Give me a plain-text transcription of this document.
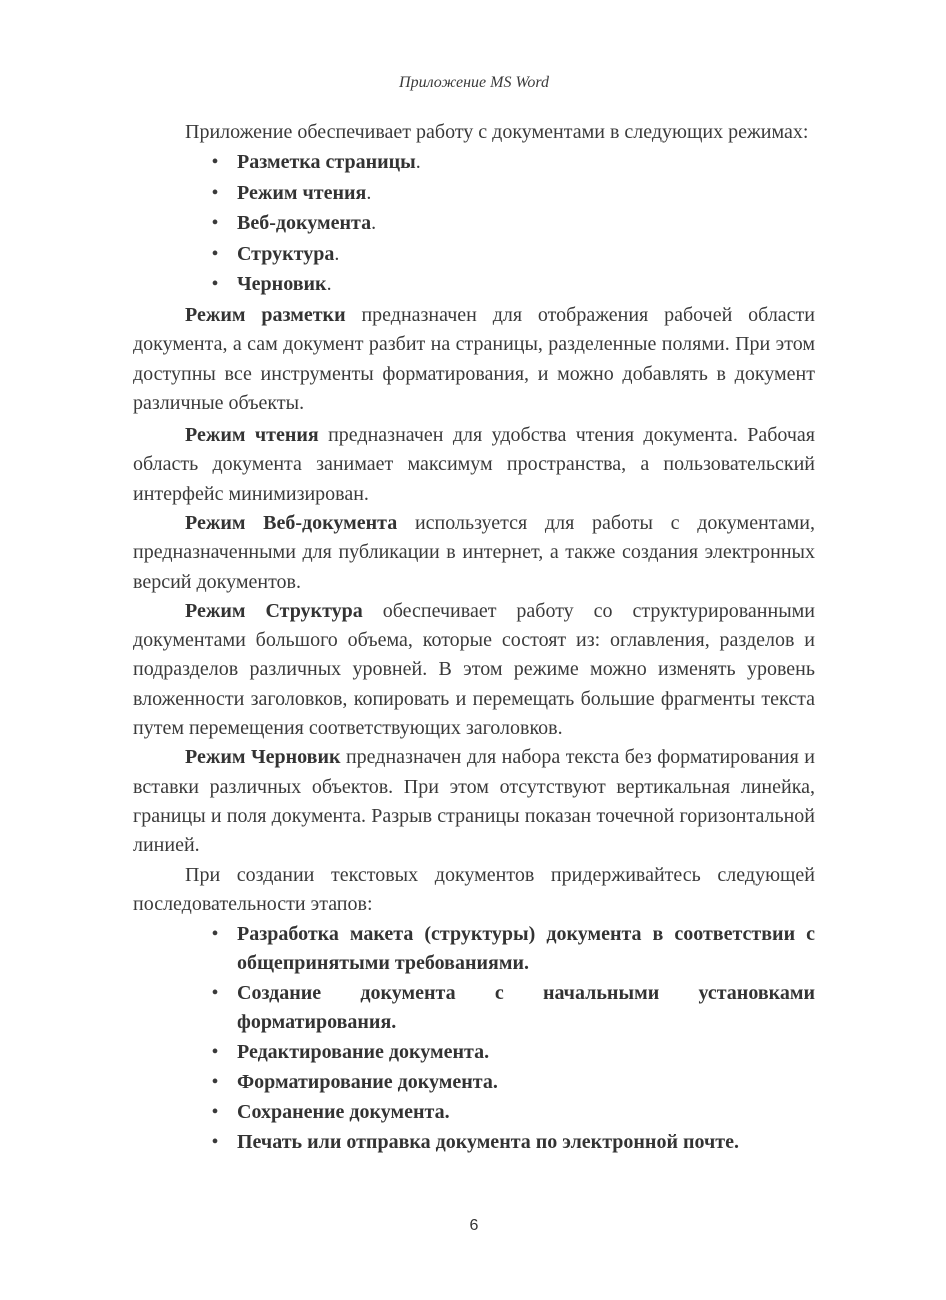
Приложение MS Word

Приложение обеспечивает работу с документами в следующих режимах:

• Разметка страницы.
• Режим чтения.
• Веб-документа.
• Структура.
• Черновик.

Режим разметки предназначен для отображения рабочей области документа, а сам документ разбит на страницы, разделенные полями. При этом доступны все инструменты форматирования, и можно добавлять в документ различные объекты.

Режим чтения предназначен для удобства чтения документа. Рабочая область документа занимает максимум пространства, а пользовательский интерфейс минимизирован.

Режим Веб-документа используется для работы с документами, предназначенными для публикации в интернет, а также создания электронных версий документов.

Режим Структура обеспечивает работу со структурированными документами большого объема, которые состоят из: оглавления, разделов и подразделов различных уровней. В этом режиме можно изменять уровень вложенности заголовков, копировать и перемещать большие фрагменты текста путем перемещения соответствующих заголовков.

Режим Черновик предназначен для набора текста без форматирования и вставки различных объектов. При этом отсутствуют вертикальная линейка, границы и поля документа. Разрыв страницы показан точечной горизонтальной линией.

При создании текстовых документов придерживайтесь следующей последовательности этапов:

• Разработка макета (структуры) документа в соответствии с общепринятыми требованиями.
• Создание документа с начальными установками форматирования.
• Редактирование документа.
• Форматирование документа.
• Сохранение документа.
• Печать или отправка документа по электронной почте.
6
